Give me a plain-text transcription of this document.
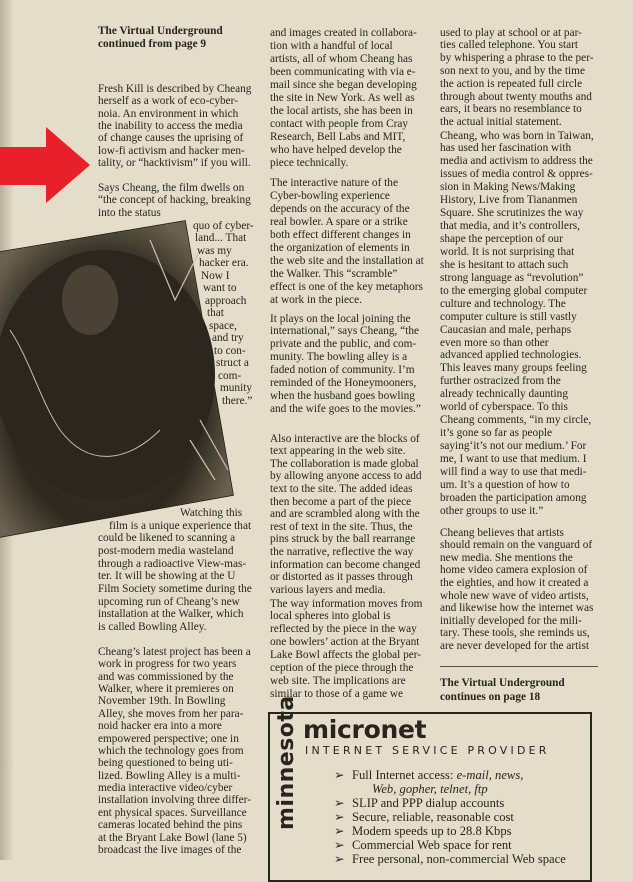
The Virtual Underground
continued from page 9
Fresh Kill is described by Cheang
herself as a work of eco-cyber-
noia. An environment in which
the inability to access the media
of change causes the uprising of
low-fi activism and hacker men-
tality, or “hacktivism” if you will.
Says Cheang, the film dwells on
“the concept of hacking, breaking
into the status
quo of cyber-
land... That
was my
hacker era.
Now I
want to
approach
that
space,
and try
to con-
struct a
com-
munity
there.”
Watching this
film is a unique experience that
could be likened to scanning a
post-modern media wasteland
through a radioactive View-mas-
ter. It will be showing at the U
Film Society sometime during the
upcoming run of Cheang’s new
installation at the Walker, which
is called Bowling Alley.
Cheang’s latest project has been a
work in progress for two years
and was commissioned by the
Walker, where it premieres on
November 19th. In Bowling
Alley, she moves from her para-
noid hacker era into a more
empowered perspective; one in
which the technology goes from
being questioned to being uti-
lized. Bowling Alley is a multi-
media interactive video/cyber
installation involving three differ-
ent physical spaces. Surveillance
cameras located behind the pins
at the Bryant Lake Bowl (lane 5)
broadcast the live images of the
and images created in collabora-
tion with a handful of local
artists, all of whom Cheang has
been communicating with via e-
mail since she began developing
the site in New York. As well as
the local artists, she has been in
contact with people from Cray
Research, Bell Labs and MIT,
who have helped develop the
piece technically.
The interactive nature of the
Cyber-bowling experience
depends on the accuracy of the
real bowler. A spare or a strike
both effect different changes in
the organization of elements in
the web site and the installation at
the Walker. This “scramble”
effect is one of the key metaphors
at work in the piece.
It plays on the local joining the
international,” says Cheang, “the
private and the public, and com-
munity. The bowling alley is a
faded notion of community. I’m
reminded of the Honeymooners,
when the husband goes bowling
and the wife goes to the movies.”
Also interactive are the blocks of
text appearing in the web site.
The collaboration is made global
by allowing anyone access to add
text to the site. The added ideas
then become a part of the piece
and are scrambled along with the
rest of text in the site. Thus, the
pins struck by the ball rearrange
the narrative, reflective the way
information can become changed
or distorted as it passes through
various layers and media.
The way information moves from
local spheres into global is
reflected by the piece in the way
one bowlers’ action at the Bryant
Lake Bowl affects the global per-
ception of the piece through the
web site. The implications are
similar to those of a game we
used to play at school or at par-
ties called telephone. You start
by whispering a phrase to the per-
son next to you, and by the time
the action is repeated full circle
through about twenty mouths and
ears, it bears no resemblance to
the actual initial statement.
Cheang, who was born in Taiwan,
has used her fascination with
media and activism to address the
issues of media control & oppres-
sion in Making News/Making
History, Live from Tiananmen
Square. She scrutinizes the way
that media, and it’s controllers,
shape the perception of our
world. It is not surprising that
she is hesitant to attach such
strong language as “revolution”
to the emerging global computer
culture and technology. The
computer culture is still vastly
Caucasian and male, perhaps
even more so than other
advanced applied technologies.
This leaves many groups feeling
further ostracized from the
already technically daunting
world of cyberspace. To this
Cheang comments, “in my circle,
it’s gone so far as people
saying‘it’s not our medium.’ For
me, I want to use that medium. I
will find a way to use that medi-
um. It’s a question of how to
broaden the participation among
other groups to use it.”
Cheang believes that artists
should remain on the vanguard of
new media. She mentions the
home video camera explosion of
the eighties, and how it created a
whole new wave of video artists,
and likewise how the internet was
initially developed for the mili-
tary. These tools, she reminds us,
are never developed for the artist
The Virtual Underground
continues on page 18
minnesota micronet
INTERNET SERVICE PROVIDER
➢ Full Internet access: e-mail, news,
➢ SLIP and PPP dialup accounts
➢ Secure, reliable, reasonable cost
➢ Modem speeds up to 28.8 Kbps
➢ Commercial Web space for rent
➢ Free personal, non-commercial Web space
Web, gopher, telnet, ftp
